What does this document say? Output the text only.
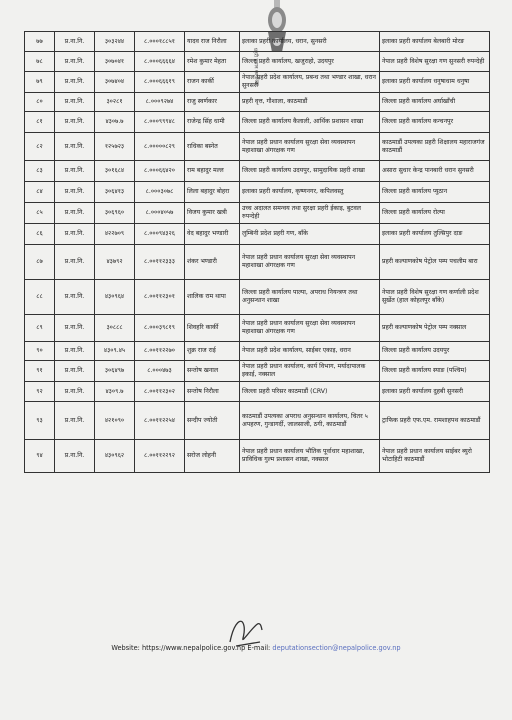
प्रहरी प्रधान कार्यालय
७७	प्र.ना.नि.	३०३२४४	८.०००१८८५१	यादव राज निरौला	इलाका प्रहरी कार्यालय, धरान, सुनसरी	इलाका प्रहरी कार्यालय बेलबारी मोरङ
७८	प्र.ना.नि.	३०७०४१	८.०००६६६६४	रमेश कुमार मेहता	जिल्ला प्रहरी कार्यालय, खजुराहो, उदयपुर	नेपाल प्रहरी विशेष सुरक्षा गण सुनसरी रुपन्देही
७९	प्र.ना.नि.	३०७४०४	८.०००६६६१९	राजन कार्की	नेपाल प्रहरी प्रदेश कार्यालय, प्रबन्ध तथा भण्डार शाखा, धरान सुनसरी	इलाका प्रहरी कार्यालय धनुषाधाम धनुषा
८०	प्र.ना.नि.	३०२८१	८.०००९२७४	राजु स्वर्णकार	प्रहरी वृत्त, गौशाला, काठमाडौं	जिल्ला प्रहरी कार्यालय अर्घाखाँची
८१	प्र.ना.नि.	४३०७.७	८.०००९९९४८	राजेन्द्र सिंह धामी	जिल्ला प्रहरी कार्यालय कैलाली, आर्थिक प्रशासन शाखा	जिल्ला प्रहरी कार्यालय कन्चनपुर
८२	प्र.ना.नि.	१२५७२३	८.०००००८२९	राधिका बस्नेत	नेपाल प्रहरी प्रधान कार्यालय सुरक्षा सेवा व्यवस्थापन महाशाखा अंगरक्षक गण	काठमाडौं उपत्यका प्रहरी शिक्षालय महाराजगंज काठमाडौं
८३	प्र.ना.नि.	३०१६८४	८.०००६६४२०	राम बहादुर मल्ल	जिल्ला प्रहरी कार्यालय उदयपुर, सामुदायिक प्रहरी शाखा	असारा सुधार केन्द्र पानबारी धरान सुनसरी
८४	प्र.ना.नि.	३०६४१३	८.०००३०७८	लिला बहादुर बोहरा	इलाका प्रहरी कार्यालय, कृष्णनगर, कपिलवस्तु	जिल्ला प्रहरी कार्यालय प्युठान
८५	प्र.ना.नि.	३०६९६०	८.०००४०५७	विजय कुमार खत्री	उच्च अदालत समन्वय तथा सुरक्षा प्रहरी ईकाइ, बुटवल रुपन्देही	जिल्ला प्रहरी कार्यालय रोल्पा
८६	प्र.ना.नि.	४२२७०९	८.०००९४३२६	वेद बहादुर भण्डारी	लुम्बिनी प्रदेश प्रहरी गण, बाँके	इलाका प्रहरी कार्यालय तुल्सिपुर दाङ
८७	प्र.ना.नि.	४३७९२	८.००११२३३३	शंकर भण्डारी	नेपाल प्रहरी प्रधान कार्यालय सुरक्षा सेवा व्यवस्थापन महाशाखा अंगरक्षक गण	प्रहरी कल्याणकोष पेट्रोल पम्प पचलीम बारा
८८	प्र.ना.नि.	४३०९६४	८.००११२३०१	शालिक राम थापा	जिल्ला प्रहरी कार्यालय पाल्पा, अपराध नियन्त्रण तथा अनुसन्धान शाखा	नेपाल प्रहरी विशेष सुरक्षा गण कर्णाली प्रदेश सुर्खेत (हाल कोहलपुर बाँके)
८९	प्र.ना.नि.	३०८८८	८.०००३९८१९	शिवहरि कार्की	नेपाल प्रहरी प्रधान कार्यालय सुरक्षा सेवा व्यवस्थापन महाशाखा अंगरक्षक गण	प्रहरी कल्याणकोष पेट्रोल पम्प नक्साल
९०	प्र.ना.नि.	४३०९.४५	८.००११२२७०	शुक्र राज राई	नेपाल प्रहरी प्रदेश कार्यालय, साईबर एकाइ, धरान	जिल्ला प्रहरी कार्यालय उदयपुर
९१	प्र.ना.नि.	३०६४९७	८.०००४७३	सन्तोष खनाल	नेपाल प्रहरी प्रधान कार्यालय, कार्य विभाग, मर्यादापालक इकाई, नक्साल	जिल्ला प्रहरी कार्यालय स्याङ (पश्चिम)
९२	प्र.ना.नि.	४३०९.७	८.००११२३०२	सन्तोष निरौला	जिल्ला प्रहरी परिसर काठमाडौं (CRV)	इलाका प्रहरी कार्यालय दुहबी सुनसरी
९३	प्र.ना.नि.	४२१०९०	८.००११२२५४	सन्दीप ज्योती	काठमाडौं उपत्यका अपराध अनुसन्धान कार्यालय, चितर ५ अपहरण, गुन्डागर्दी, जालसाजी, ठगी, काठमाडौं	ट्राफिक प्रहरी एफ.एम. रामशाहपथ काठमाडौं
९४	प्र.ना.नि.	४३०९६२	८.००११२२९२	सरोज लोहनी	नेपाल प्रहरी प्रधान कार्यालय भौतिक पूर्वाधार महाशाखा, प्राविधिक गुल्म प्रशासन शाखा, नक्साल	नेपाल प्रहरी प्रधान कार्यालय साईबर ब्युरो भोटाहिटी काठमाडौं
Website: https://www.nepalpolice.gov.np E-mail: deputationsection@nepalpolice.gov.np
